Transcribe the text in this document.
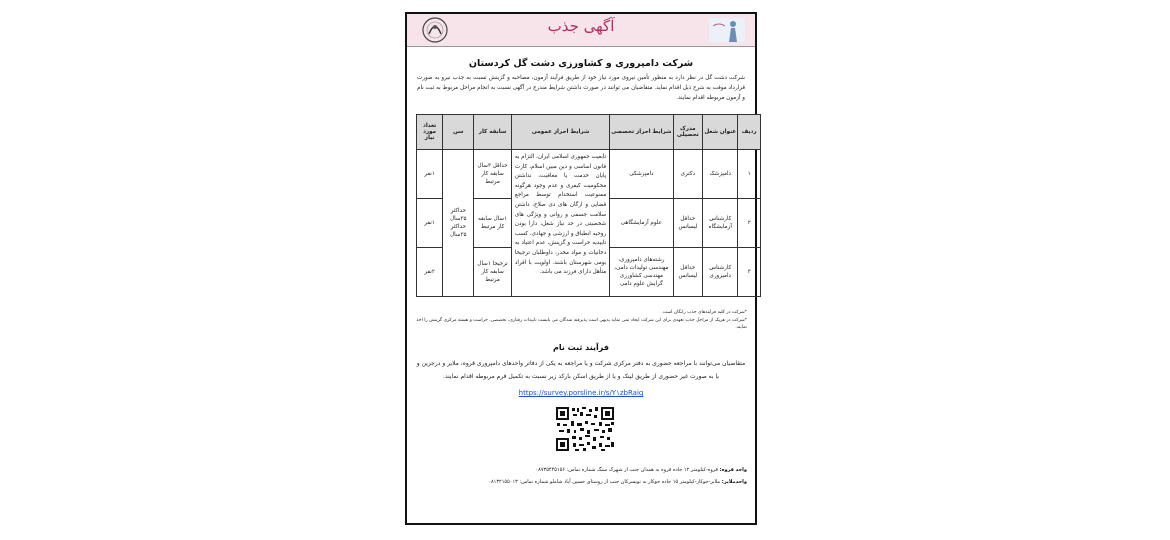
آگهی جذب
شرکت دامپروری و کشاورزی دشت گل کردستان
شرکت دشت گل در نظر دارد به منظور تأمین نیروی مورد نیاز خود از طریق فرآیند آزمون، مصاحبه و گزینش نسبت به جذب نیرو به صورت قرارداد موقت به شرح ذیل اقدام نماید. متقاضیان می توانند در صورت داشتن شرایط مندرج در آگهی نسبت به انجام مراحل مربوط به ثبت نام و آزمون مربوطه اقدام نمایند.
ردیف	عنوان شغل	مدرک تحصیلی	شرایط احراز تخصصی	شرایط احراز عمومی	سابقه کار	سن	تعداد مورد نیاز
۱	دامپزشک	دکتری	دامپزشکی	تابعیت جمهوری اسلامی ایران، التزام به قانون اساسی و دین مبین اسلام، کارت پایان خدمت یا معافیت، نداشتن محکومیت کیفری و عدم وجود هرگونه ممنوعیت استخدام توسط مراجع قضایی و ارگان های ذی صلاح، داشتن سلامت جسمی و روانی و ویژگی های شخصیتی در حد نیاز شغل، دارا بودن روحیه انطباق و ارزشی و جهادی، کسب تاییدیه حراست و گزینش، عدم اعتیاد به دخانیات و مواد مخدر، داوطلبان ترجیحا بومی شهرستان باشند. اولویت با افراد متأهل دارای فرزند می باشد.	حداقل ۳سال سابقه کار مرتبط	حداکثر ۳۵سال حداکثر ۳۵سال	۱نفر
۲	کارشناس آزمایشگاه	حداقل لیسانس	علوم آزمایشگاهی		۱سال سابقه کار مرتبط		۱نفر
۳	کارشناس دامپروری	حداقل لیسانس	رشته‌های دامپروری، مهندسی تولیدات دامی، مهندسی کشاورزی گرایش علوم دامی		ترجیحا ۱سال سابقه کار مرتبط		۲نفر
*شرکت در کلیه فرایندهای جذب رایگان است.
*شرکت در هریک از مراحل جذب تعهدی برای این شرکت ایجاد نمی نماید بدیهی است پذیرفته شدگان می بایست تاییدات رفتاری، تخصصی، حراست و هسته مرکزی گزینش را اخذ نمایند.
فرآیند ثبت نام
متقاضیان می‌توانند با مراجعه حضوری به دفتر مرکزی شرکت و یا مراجعه به یکی از دفاتر واحدهای دامپروری قروه، ملایر و درجزین و یا به صورت غیر حضوری از طریق لینک و یا از طریق اسکن بارکد زیر نسبت به تکمیل فرم مربوطه اقدام نمایند.
https://survey.porsline.ir/s/Y۱zbRaiq
واحد قروه: قروه-کیلومتر ۱۲ جاده قروه به همدان جنب از شهرک سنگ شماره تماس: ۰۸۷۳۵۴۴۵۱۵۶
واحدملایر: ملایر-جوکار-کیلومتر ۱۵ جاده جوکار به تویسرکان جنب از روستای حسین آباد شاملو شماره تماس: ۰۸۱۳۲۱۵۵۰۱۳
